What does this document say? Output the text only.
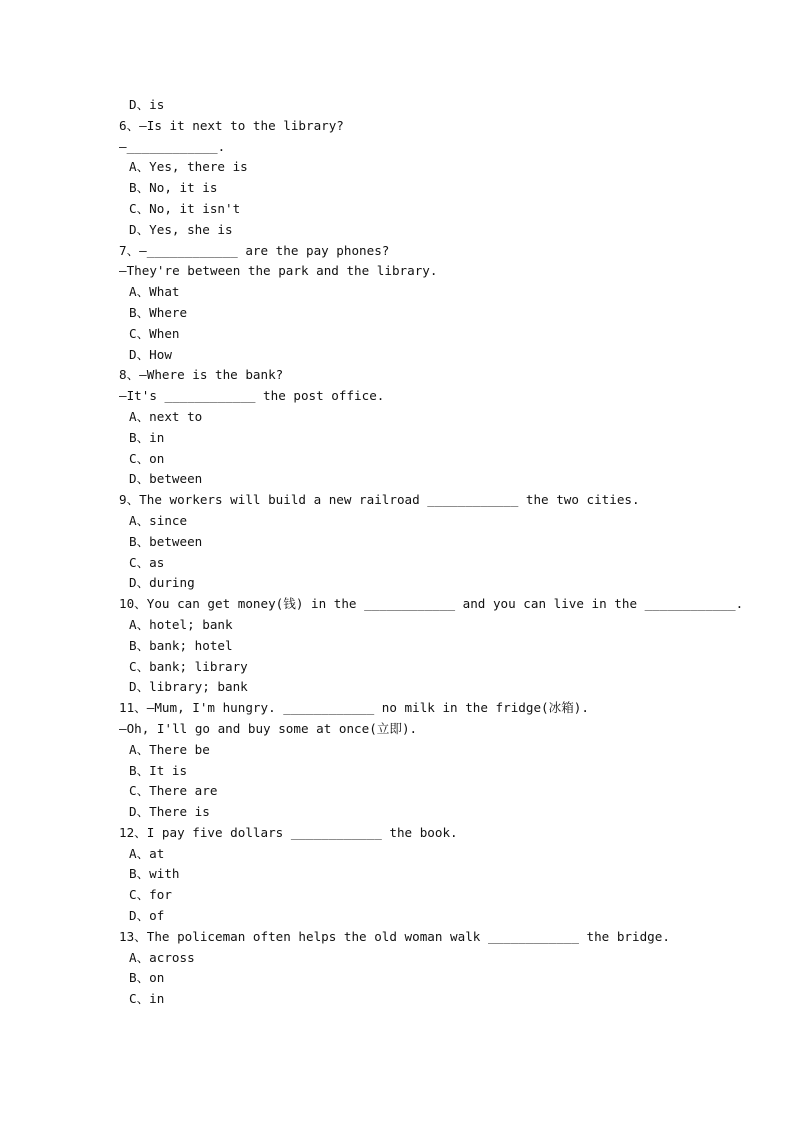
D、is
6、—Is it next to the library?
—____________.
A、Yes, there is
B、No, it is
C、No, it isn't
D、Yes, she is
7、—____________ are the pay phones?
—They're between the park and the library.
A、What
B、Where
C、When
D、How
8、—Where is the bank?
—It's ____________ the post office.
A、next to
B、in
C、on
D、between
9、The workers will build a new railroad ____________ the two cities.
A、since
B、between
C、as
D、during
10、You can get money(钱) in the ____________ and you can live in the ____________.
A、hotel; bank
B、bank; hotel
C、bank; library
D、library; bank
11、—Mum, I'm hungry. ____________ no milk in the fridge(冰箱).
—Oh, I'll go and buy some at once(立即).
A、There be
B、It is
C、There are
D、There is
12、I pay five dollars ____________ the book.
A、at
B、with
C、for
D、of
13、The policeman often helps the old woman walk ____________ the bridge.
A、across
B、on
C、in
